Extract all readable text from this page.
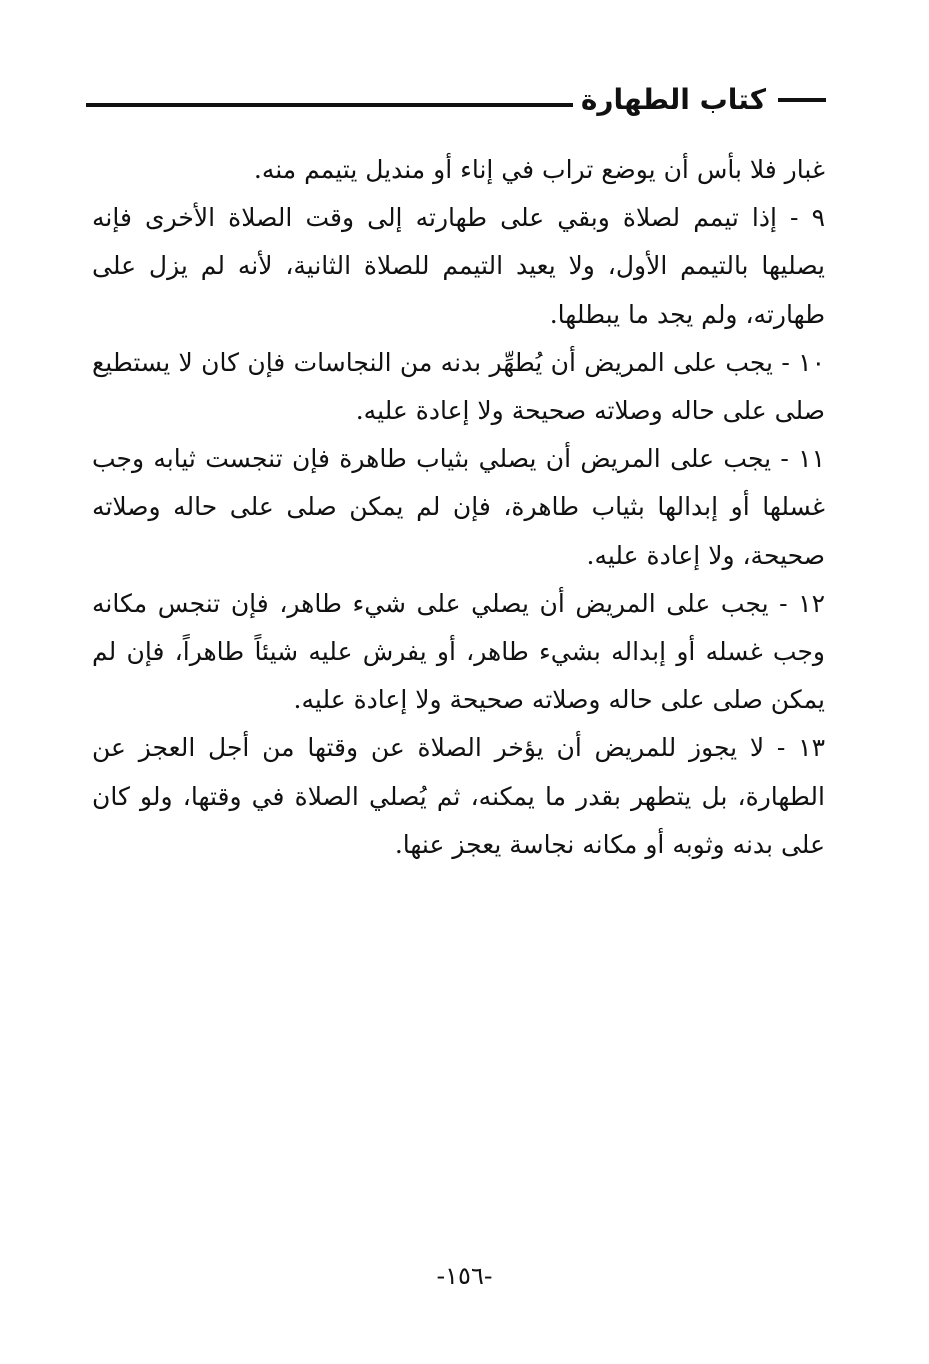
كتاب الطهارة

غبار فلا بأس أن يوضع تراب في إناء أو منديل يتيمم منه.

٩ - إذا تيمم لصلاة وبقي على طهارته إلى وقت الصلاة الأخرى فإنه يصليها بالتيمم الأول، ولا يعيد التيمم للصلاة الثانية، لأنه لم يزل على طهارته، ولم يجد ما يبطلها.

١٠ - يجب على المريض أن يُطهِّر بدنه من النجاسات فإن كان لا يستطيع صلى على حاله وصلاته صحيحة ولا إعادة عليه.

١١ - يجب على المريض أن يصلي بثياب طاهرة فإن تنجست ثيابه وجب غسلها أو إبدالها بثياب طاهرة، فإن لم يمكن صلى على حاله وصلاته صحيحة، ولا إعادة عليه.

١٢ - يجب على المريض أن يصلي على شيء طاهر، فإن تنجس مكانه وجب غسله أو إبداله بشيء طاهر، أو يفرش عليه شيئاً طاهراً، فإن لم يمكن صلى على حاله وصلاته صحيحة ولا إعادة عليه.

١٣ - لا يجوز للمريض أن يؤخر الصلاة عن وقتها من أجل العجز عن الطهارة، بل يتطهر بقدر ما يمكنه، ثم يُصلي الصلاة في وقتها، ولو كان على بدنه وثوبه أو مكانه نجاسة يعجز عنها.

-١٥٦-
